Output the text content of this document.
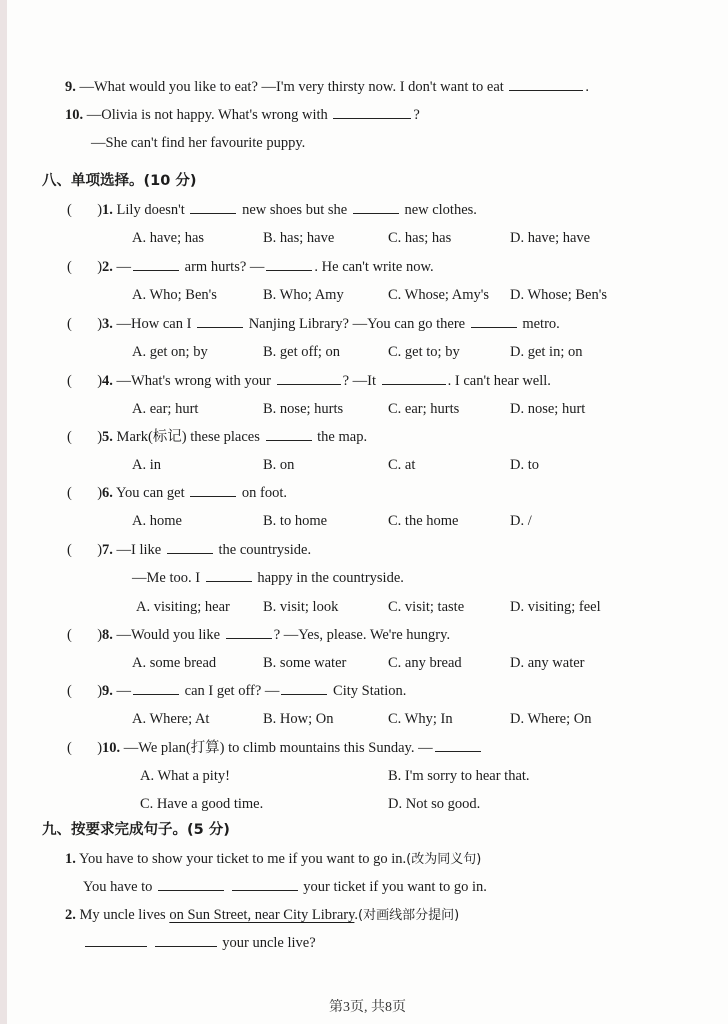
9. —What would you like to eat? —I'm very thirsty now. I don't want to eat	.
10. —Olivia is not happy. What's wrong with	?
—She can't find her favourite puppy.
八、单项选择。(10 分)
(       )1. Lily doesn't	new shoes but she	new clothes.
A. have; has	B. has; have	C. has; has	D. have; have
(       )2. —	arm hurts? —	. He can't write now.
A. Who; Ben's	B. Who; Amy	C. Whose; Amy's D. Whose; Ben's
(       )3. —How can I	Nanjing Library? —You can go there	metro.
A. get on; by	B. get off; on	C. get to; by	D. get in; on
(       )4. —What's wrong with your	? —It	. I can't hear well.
A. ear; hurt	B. nose; hurts	C. ear; hurts	D. nose; hurt
(       )5. Mark(标记) these places	the map.
A. in	B. on	C. at	D. to
(       )6. You can get	on foot.
A. home	B. to home	C. the home	D. /
(       )7. —I like	the countryside.
—Me too. I	happy in the countryside.
A. visiting; hear B. visit; look	C. visit; taste	D. visiting; feel
(       )8. —Would you like	? —Yes, please. We're hungry.
A. some bread	B. some water	C. any bread	D. any water
(       )9. —	can I get off? —	City Station.
A. Where; At	B. How; On	C. Why; In	D. Where; On
(       )10. —We plan(打算) to climb mountains this Sunday. —
A. What a pity!	B. I'm sorry to hear that.
C. Have a good time.	D. Not so good.
九、按要求完成句子。(5 分)
1. You have to show your ticket to me if you want to go in.(改为同义句)
You have to	your ticket if you want to go in.
2. My uncle lives on Sun Street, near City Library.(对画线部分提问)
your uncle live?
第3页, 共8页
